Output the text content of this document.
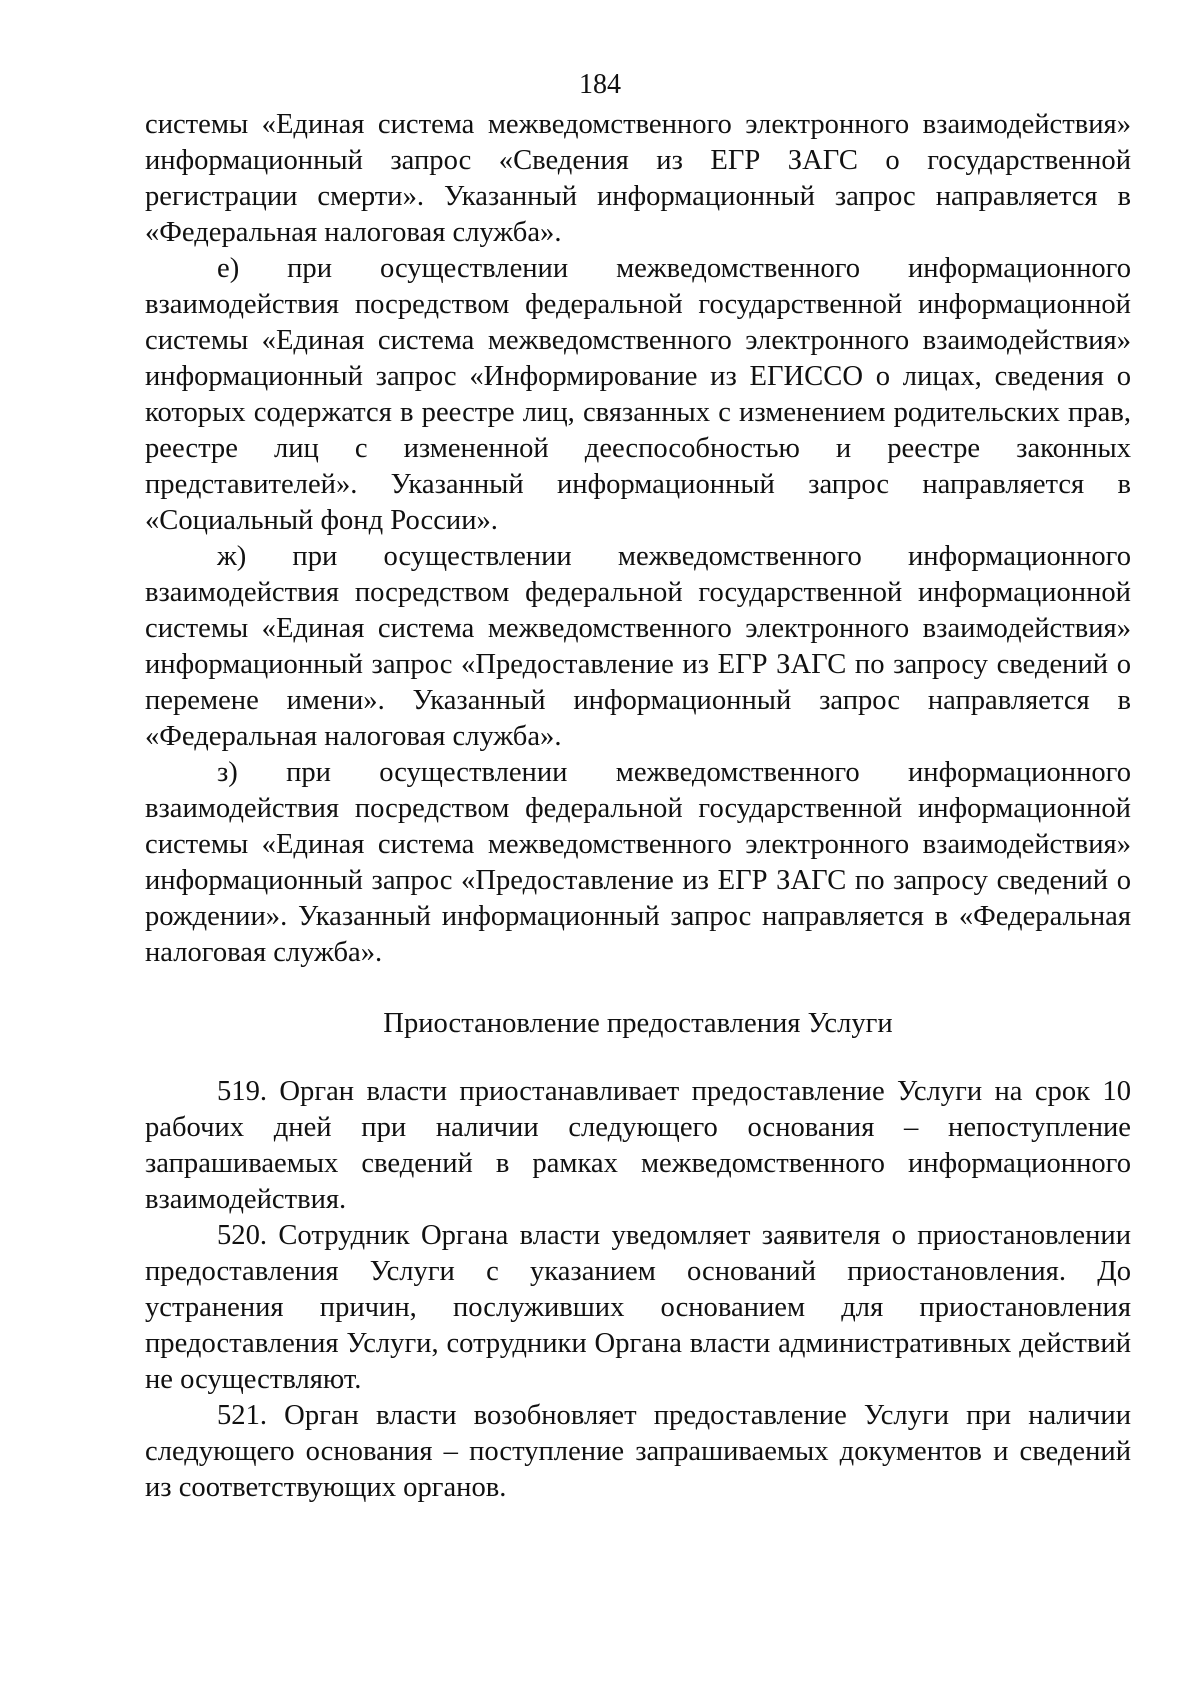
184

системы «Единая система межведомственного электронного взаимодействия» информационный запрос «Сведения из ЕГР ЗАГС о государственной регистрации смерти». Указанный информационный запрос направляется в «Федеральная налоговая служба».

е) при осуществлении межведомственного информационного взаимодействия посредством федеральной государственной информационной системы «Единая система межведомственного электронного взаимодействия» информационный запрос «Информирование из ЕГИССО о лицах, сведения о которых содержатся в реестре лиц, связанных с изменением родительских прав, реестре лиц с измененной дееспособностью и реестре законных представителей». Указанный информационный запрос направляется в «Социальный фонд России».

ж) при осуществлении межведомственного информационного взаимодействия посредством федеральной государственной информационной системы «Единая система межведомственного электронного взаимодействия» информационный запрос «Предоставление из ЕГР ЗАГС по запросу сведений о перемене имени». Указанный информационный запрос направляется в «Федеральная налоговая служба».

з) при осуществлении межведомственного информационного взаимодействия посредством федеральной государственной информационной системы «Единая система межведомственного электронного взаимодействия» информационный запрос «Предоставление из ЕГР ЗАГС по запросу сведений о рождении». Указанный информационный запрос направляется в «Федеральная налоговая служба».

Приостановление предоставления Услуги

519. Орган власти приостанавливает предоставление Услуги на срок 10 рабочих дней при наличии следующего основания – непоступление запрашиваемых сведений в рамках межведомственного информационного взаимодействия.

520. Сотрудник Органа власти уведомляет заявителя о приостановлении предоставления Услуги с указанием оснований приостановления. До устранения причин, послуживших основанием для приостановления предоставления Услуги, сотрудники Органа власти административных действий не осуществляют.

521. Орган власти возобновляет предоставление Услуги при наличии следующего основания – поступление запрашиваемых документов и сведений из соответствующих органов.
